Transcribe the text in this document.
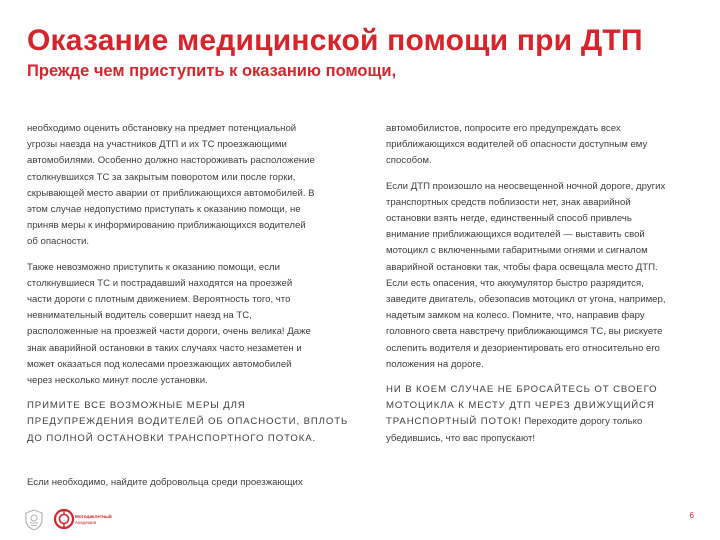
Оказание медицинской помощи при ДТП
Прежде чем приступить к оказанию помощи,

необходимо оценить обстановку на предмет потенциальной

угрозы наезда на участников ДТП и их ТС проезжающими

автомобилями. Особенно должно настороживать расположение

столкнувшихся ТС за закрытым поворотом или после горки,

скрывающей место аварии от приближающихся автомобилей. В

этом случае недопустимо приступать к оказанию помощи, не

приняв меры к информированию приближающихся водителей

об опасности.

Также невозможно приступить к оказанию помощи, если

столкнувшиеся ТС и пострадавший находятся на проезжей

части дороги с плотным движением. Вероятность того, что

невнимательный водитель совершит наезд на ТС,

расположенные на проезжей части дороги, очень велика! Даже

знак аварийной остановки в таких случаях часто незаметен и

может оказаться под колесами проезжающих автомобилей

через несколько минут после установки.

ПРИМИТЕ ВСЕ ВОЗМОЖНЫЕ МЕРЫ ДЛЯ

ПРЕДУПРЕЖДЕНИЯ ВОДИТЕЛЕЙ ОБ ОПАСНОСТИ, ВПЛОТЬ

ДО ПОЛНОЙ ОСТАНОВКИ ТРАНСПОРТНОГО ПОТОКА.

автомобилистов, попросите его предупреждать всех

приближающихся водителей об опасности доступным ему

способом.

Если ДТП произошло на неосвещенной ночной дороге, других

транспортных средств поблизости нет, знак аварийной

остановки взять негде, единственный способ привлечь

внимание приближающихся водителей — выставить свой

мотоцикл с включенными габаритными огнями и сигналом

аварийной остановки так, чтобы фара освещала место ДТП.

Если есть опасения, что аккумулятор быстро разрядится,

заведите двигатель, обезопасив мотоцикл от угона, например,

надетым замком на колесо. Помните, что, направив фару

головного света навстречу приближающимся ТС, вы рискуете

ослепить водителя и дезориентировать его относительно его

положения на дороге.

НИ В КОЕМ СЛУЧАЕ НЕ БРОСАЙТЕСЬ ОТ СВОЕГО

МОТОЦИКЛА К МЕСТУ ДТП ЧЕРЕЗ ДВИЖУЩИЙСЯ

ТРАНСПОРТНЫЙ ПОТОК! Переходите дорогу только

убедившись, что вас пропускают!

Если необходимо, найдите добровольца среди проезжающих

Мотоциклетный
Академия
6
